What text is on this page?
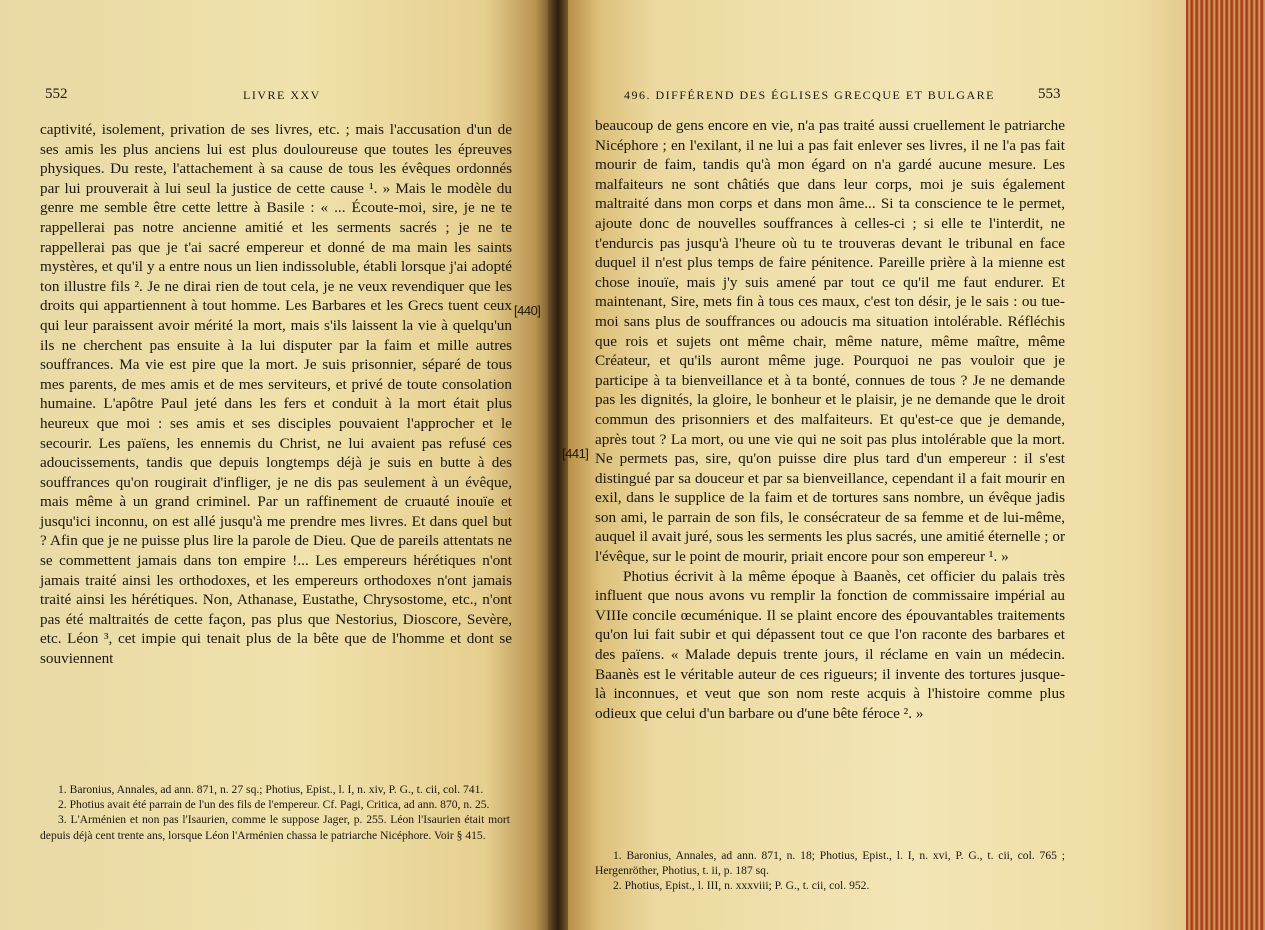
552	LIVRE XXV

captivité, isolement, privation de ses livres, etc. ; mais l'accusation d'un de ses amis les plus anciens lui est plus douloureuse que toutes les épreuves physiques. Du reste, l'attachement à sa cause de tous les évêques ordonnés par lui prouverait à lui seul la justice de cette cause ¹. » Mais le modèle du genre me semble être cette lettre à Basile : « ... Écoute-moi, sire, je ne te rappellerai pas notre ancienne amitié et les serments sacrés ; je ne te rappellerai pas que je t'ai sacré empereur et donné de ma main les saints mystères, et qu'il y a entre nous un lien indissoluble, établi lorsque j'ai adopté ton illustre fils ². Je ne dirai rien de tout cela, je ne veux revendiquer que les droits qui appartiennent à tout homme. Les Barbares et les Grecs tuent ceux qui leur paraissent avoir mérité la mort, mais s'ils laissent la vie à quelqu'un ils ne cherchent pas ensuite à la lui disputer par la faim et mille autres souffrances. Ma vie est pire que la mort. Je suis prisonnier, séparé de tous mes parents, de mes amis et de mes serviteurs, et privé de toute consolation humaine. L'apôtre Paul jeté dans les fers et conduit à la mort était plus heureux que moi : ses amis et ses disciples pouvaient l'approcher et le secourir. Les païens, les ennemis du Christ, ne lui avaient pas refusé ces adoucissements, tandis que depuis longtemps déjà je suis en butte à des souffrances qu'on rougirait d'infliger, je ne dis pas seulement à un évêque, mais même à un grand criminel. Par un raffinement de cruauté inouïe et jusqu'ici inconnu, on est allé jusqu'à me prendre mes livres. Et dans quel but ? Afin que je ne puisse plus lire la parole de Dieu. Que de pareils attentats ne se commettent jamais dans ton empire !... Les empereurs hérétiques n'ont jamais traité ainsi les orthodoxes, et les empereurs orthodoxes n'ont jamais traité ainsi les hérétiques. Non, Athanase, Eustathe, Chrysostome, etc., n'ont pas été maltraités de cette façon, pas plus que Nestorius, Dioscore, Sevère, etc. Léon ³, cet impie qui tenait plus de la bête que de l'homme et dont se souviennent

1. Baronius, Annales, ad ann. 871, n. 27 sq.; Photius, Epist., l. I, n. xiv, P. G., t. cii, col. 741.

2. Photius avait été parrain de l'un des fils de l'empereur. Cf. Pagi, Critica, ad ann. 870, n. 25.

3. L'Arménien et non pas l'Isaurien, comme le suppose Jager, p. 255. Léon l'Isaurien était mort depuis déjà cent trente ans, lorsque Léon l'Arménien chassa le patriarche Nicéphore. Voir § 415.

[440]
496. DIFFÉREND DES ÉGLISES GRECQUE ET BULGARE	553

beaucoup de gens encore en vie, n'a pas traité aussi cruellement le patriarche Nicéphore ; en l'exilant, il ne lui a pas fait enlever ses livres, il ne l'a pas fait mourir de faim, tandis qu'à mon égard on n'a gardé aucune mesure. Les malfaiteurs ne sont châtiés que dans leur corps, moi je suis également maltraité dans mon corps et dans mon âme... Si ta conscience te le permet, ajoute donc de nouvelles souffrances à celles-ci ; si elle te l'interdit, ne t'endurcis pas jusqu'à l'heure où tu te trouveras devant le tribunal en face duquel il n'est plus temps de faire pénitence. Pareille prière à la mienne est chose inouïe, mais j'y suis amené par tout ce qu'il me faut endurer. Et maintenant, Sire, mets fin à tous ces maux, c'est ton désir, je le sais : ou tue-moi sans plus de souffrances ou adoucis ma situation intolérable. Réfléchis que rois et sujets ont même chair, même nature, même maître, même Créateur, et qu'ils auront même juge. Pourquoi ne pas vouloir que je participe à ta bienveillance et à ta bonté, connues de tous ? Je ne demande pas les dignités, la gloire, le bonheur et le plaisir, je ne demande que le droit commun des prisonniers et des malfaiteurs. Et qu'est-ce que je demande, après tout ? La mort, ou une vie qui ne soit pas plus intolérable que la mort. Ne permets pas, sire, qu'on puisse dire plus tard d'un empereur : il s'est distingué par sa douceur et par sa bienveillance, cependant il a fait mourir en exil, dans le supplice de la faim et de tortures sans nombre, un évêque jadis son ami, le parrain de son fils, le consécrateur de sa femme et de lui-même, auquel il avait juré, sous les serments les plus sacrés, une amitié éternelle ; or l'évêque, sur le point de mourir, priait encore pour son empereur ¹. »

Photius écrivit à la même époque à Baanès, cet officier du palais très influent que nous avons vu remplir la fonction de commissaire impérial au VIIIe concile œcuménique. Il se plaint encore des épouvantables traitements qu'on lui fait subir et qui dépassent tout ce que l'on raconte des barbares et des païens. « Malade depuis trente jours, il réclame en vain un médecin. Baanès est le véritable auteur de ces rigueurs; il invente des tortures jusque-là inconnues, et veut que son nom reste acquis à l'histoire comme plus odieux que celui d'un barbare ou d'une bête féroce ². »

[441]

1. Baronius, Annales, ad ann. 871, n. 18; Photius, Epist., l. I, n. xvi, P. G., t. cii, col. 765 ; Hergenröther, Photius, t. ii, p. 187 sq.

2. Photius, Epist., l. III, n. xxxviii; P. G., t. cii, col. 952.
